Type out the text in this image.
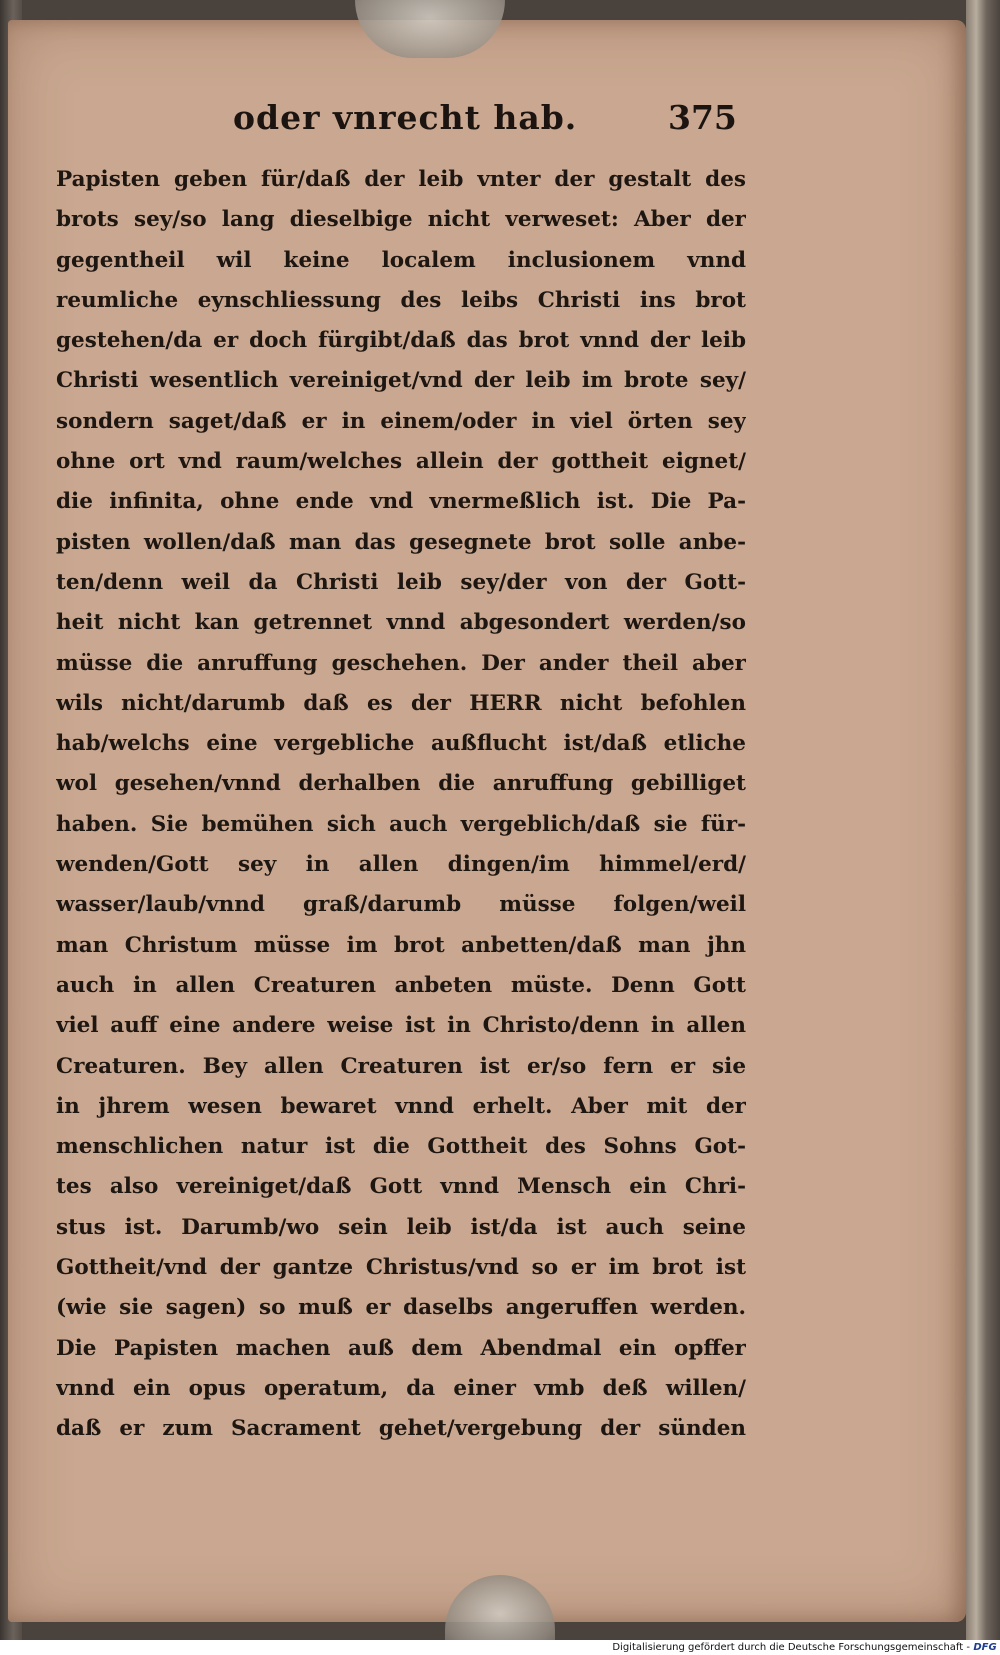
oder vnrecht hab.	375
Papisten geben für/daß der leib vnter der gestalt des
brots sey/so lang dieselbige nicht verweset: Aber der
gegentheil wil keine localem inclusionem vnnd
reumliche eynschliessung des leibs Christi ins brot
gestehen/da er doch fürgibt/daß das brot vnnd der leib
Christi wesentlich vereiniget/vnd der leib im brote sey/
sondern saget/daß er in einem/oder in viel örten sey
ohne ort vnd raum/welches allein der gottheit eignet/
die infinita, ohne ende vnd vnermeßlich ist. Die Pa-
pisten wollen/daß man das gesegnete brot solle anbe-
ten/denn weil da Christi leib sey/der von der Gott-
heit nicht kan getrennet vnnd abgesondert werden/so
müsse die anruffung geschehen. Der ander theil aber
wils nicht/darumb daß es der HERR nicht befohlen
hab/welchs eine vergebliche außflucht ist/daß etliche
wol gesehen/vnnd derhalben die anruffung gebilliget
haben. Sie bemühen sich auch vergeblich/daß sie für-
wenden/Gott sey in allen dingen/im himmel/erd/
wasser/laub/vnnd graß/darumb müsse folgen/weil
man Christum müsse im brot anbetten/daß man jhn
auch in allen Creaturen anbeten müste. Denn Gott
viel auff eine andere weise ist in Christo/denn in allen
Creaturen. Bey allen Creaturen ist er/so fern er sie
in jhrem wesen bewaret vnnd erhelt. Aber mit der
menschlichen natur ist die Gottheit des Sohns Got-
tes also vereiniget/daß Gott vnnd Mensch ein Chri-
stus ist. Darumb/wo sein leib ist/da ist auch seine
Gottheit/vnd der gantze Christus/vnd so er im brot ist
(wie sie sagen) so muß er daselbs angeruffen werden.
Die Papisten machen auß dem Abendmal ein opffer
vnnd ein opus operatum, da einer vmb deß willen/
daß er zum Sacrament gehet/vergebung der sünden
Digitalisierung gefördert durch die Deutsche Forschungsgemeinschaft - DFG
